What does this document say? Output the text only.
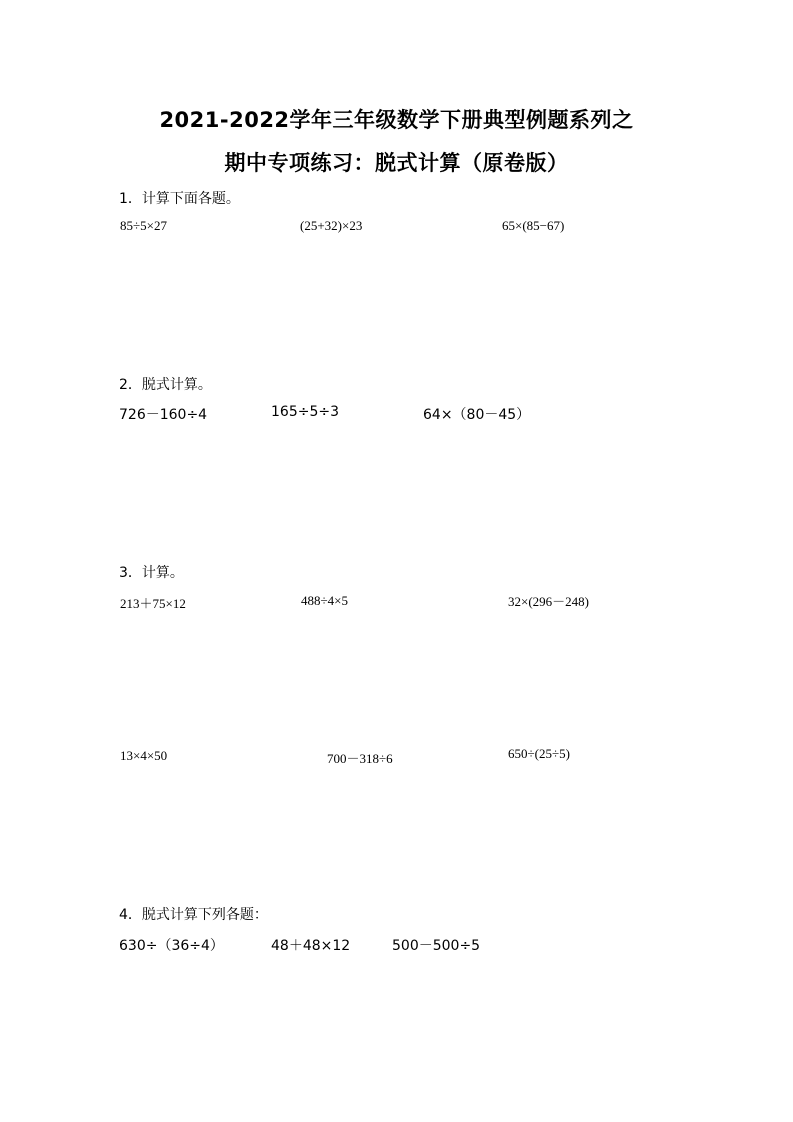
2021-2022学年三年级数学下册典型例题系列之
期中专项练习：脱式计算（原卷版）
1．计算下面各题。
85÷5×27	(25+32)×23	65×(85−67)
2．脱式计算。
726－160÷4	165÷5÷3	64×（80－45）
3．计算。
213＋75×12	488÷4×5	32×(296－248)
13×4×50	700－318÷6	650÷(25÷5)
4．脱式计算下列各题：
630÷（36÷4）	48＋48×12	500－500÷5
